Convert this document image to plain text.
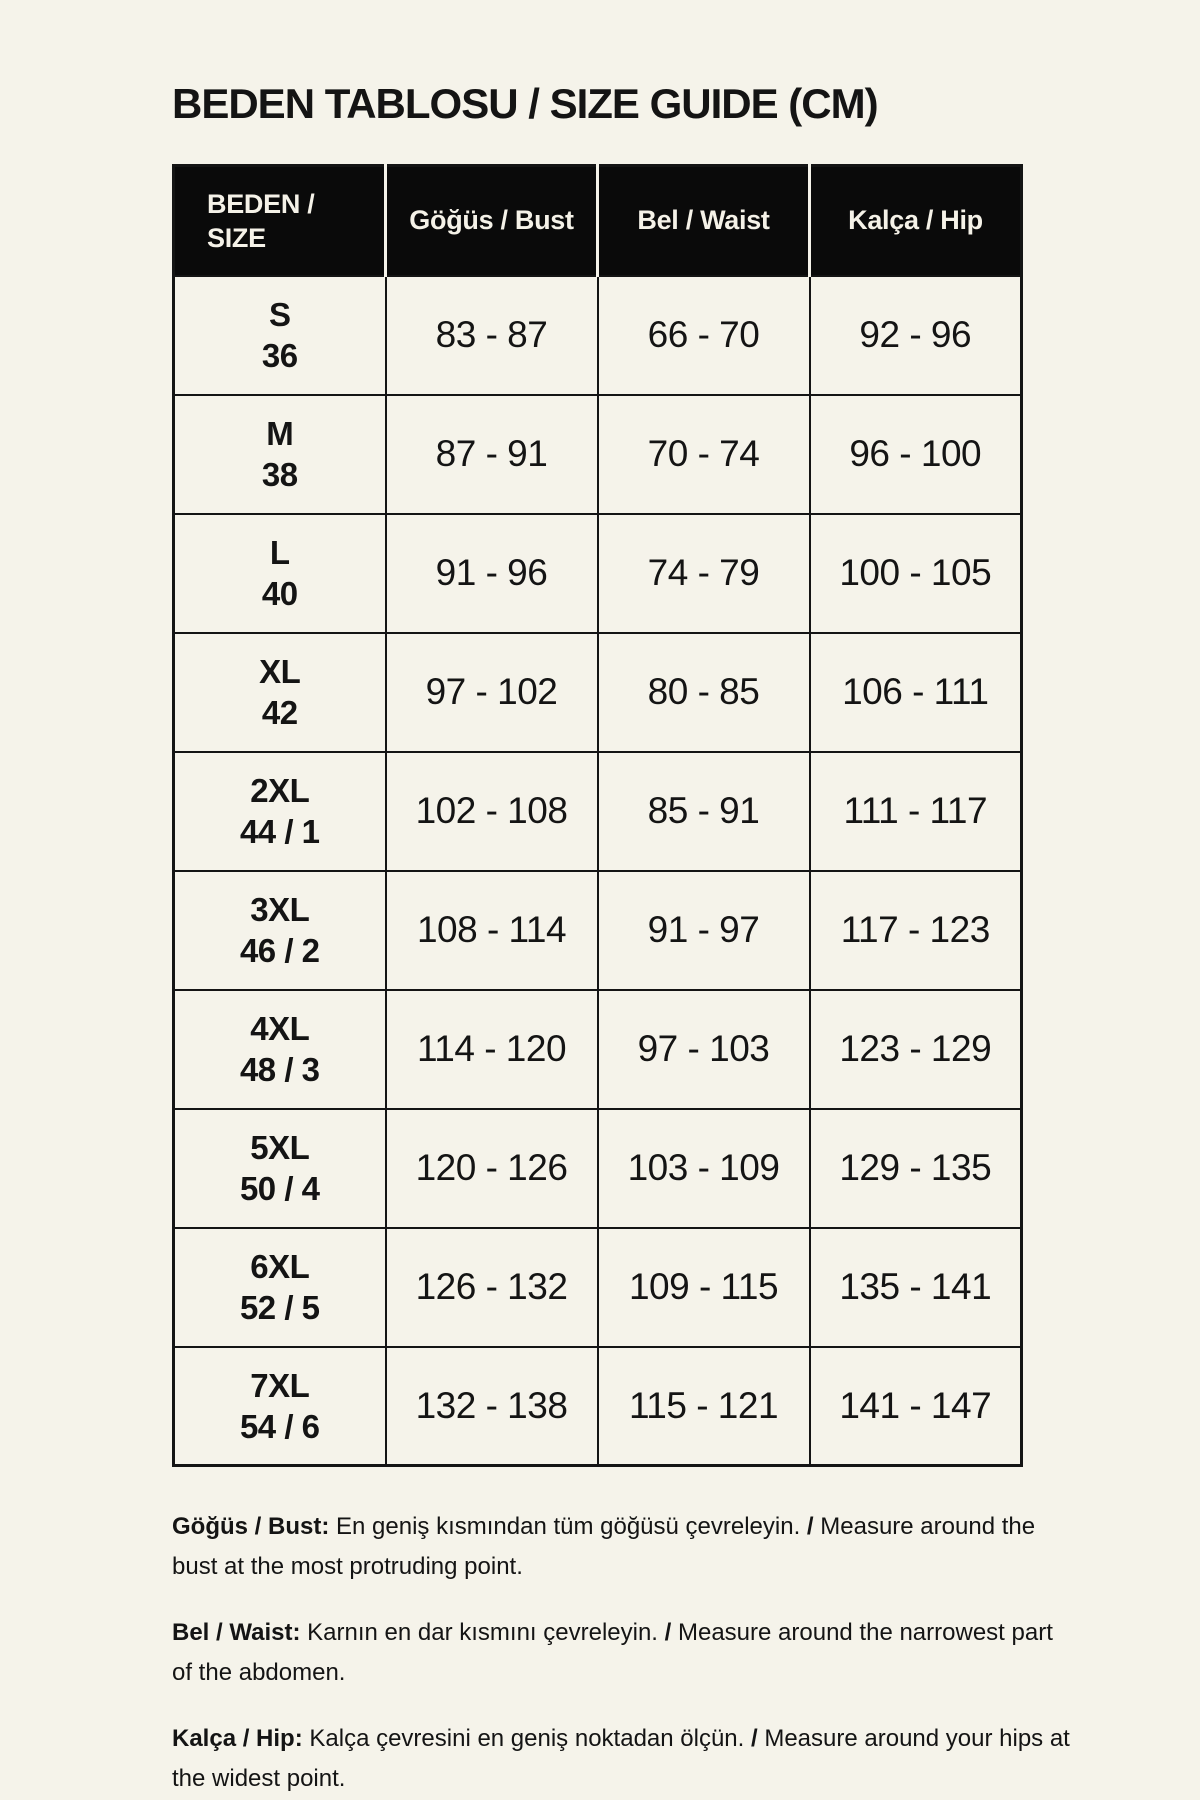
BEDEN TABLOSU / SIZE GUIDE (CM)
BEDEN /
SIZE	Göğüs / Bust	Bel / Waist	Kalça / Hip
S
36	83 - 87	66 - 70	92 - 96
M
38	87 - 91	70 - 74	96 - 100
L
40	91 - 96	74 - 79	100 - 105
XL
42	97 - 102	80 - 85	106 - 111
2XL
44 / 1	102 - 108	85 - 91	111 - 117
3XL
46 / 2	108 - 114	91 - 97	117 - 123
4XL
48 / 3	114 - 120	97 - 103	123 - 129
5XL
50 / 4	120 - 126	103 - 109	129 - 135
6XL
52 / 5	126 - 132	109 - 115	135 - 141
7XL
54 / 6	132 - 138	115 - 121	141 - 147

Göğüs / Bust: En geniş kısmından tüm göğüsü çevreleyin. / Measure around the bust at the most protruding point.

Bel / Waist: Karnın en dar kısmını çevreleyin. / Measure around the narrowest part of the abdomen.

Kalça / Hip: Kalça çevresini en geniş noktadan ölçün. / Measure around your hips at the widest point.
